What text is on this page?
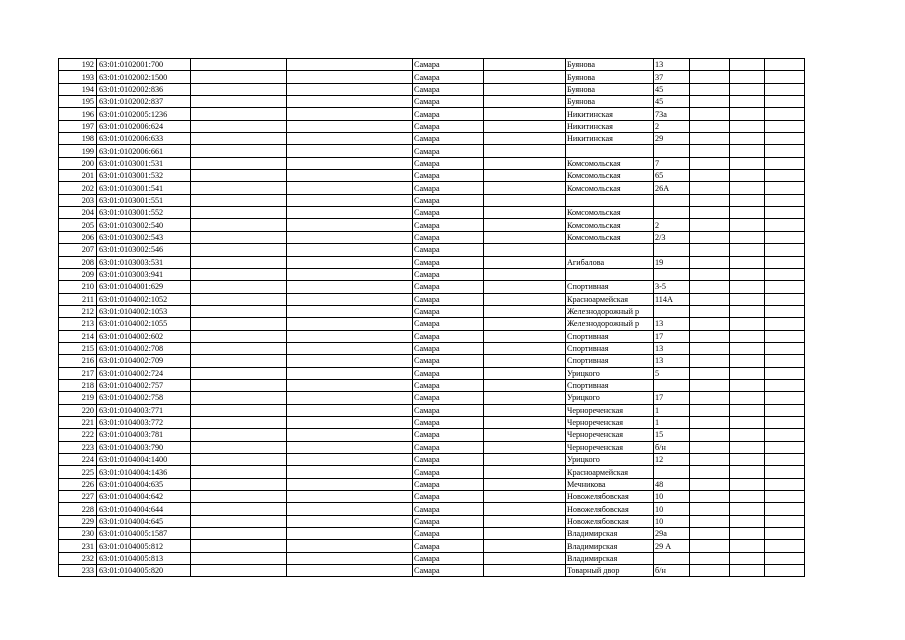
192	63:01:0102001:700			Самара		Буянова	13			
193	63:01:0102002:1500			Самара		Буянова	37			
194	63:01:0102002:836			Самара		Буянова	45			
195	63:01:0102002:837			Самара		Буянова	45			
196	63:01:0102005:1236			Самара		Никитинская	73а			
197	63:01:0102006:624			Самара		Никитинская	2			
198	63:01:0102006:633			Самара		Никитинская	29			
199	63:01:0102006:661			Самара						
200	63:01:0103001:531			Самара		Комсомольская	7			
201	63:01:0103001:532			Самара		Комсомольская	65			
202	63:01:0103001:541			Самара		Комсомольская	26А			
203	63:01:0103001:551			Самара						
204	63:01:0103001:552			Самара		Комсомольская				
205	63:01:0103002:540			Самара		Комсомольская	2			
206	63:01:0103002:543			Самара		Комсомольская	2/3			
207	63:01:0103002:546			Самара						
208	63:01:0103003:531			Самара		Агибалова	19			
209	63:01:0103003:941			Самара						
210	63:01:0104001:629			Самара		Спортивная	3-5			
211	63:01:0104002:1052			Самара		Красноармейская	114А			
212	63:01:0104002:1053			Самара		Железнодорожный р				
213	63:01:0104002:1055			Самара		Железнодорожный р	13			
214	63:01:0104002:602			Самара		Спортивная	17			
215	63:01:0104002:708			Самара		Спортивная	13			
216	63:01:0104002:709			Самара		Спортивная	13			
217	63:01:0104002:724			Самара		Урицкого	5			
218	63:01:0104002:757			Самара		Спортивная				
219	63:01:0104002:758			Самара		Урицкого	17			
220	63:01:0104003:771			Самара		Чернореченская	1			
221	63:01:0104003:772			Самара		Чернореченская	1			
222	63:01:0104003:781			Самара		Чернореченская	15			
223	63:01:0104003:790			Самара		Чернореченская	б/н			
224	63:01:0104004:1400			Самара		Урицкого	12			
225	63:01:0104004:1436			Самара		Красноармейская				
226	63:01:0104004:635			Самара		Мечникова	48			
227	63:01:0104004:642			Самара		Новожелябовская	10			
228	63:01:0104004:644			Самара		Новожелябовская	10			
229	63:01:0104004:645			Самара		Новожелябовская	10			
230	63:01:0104005:1587			Самара		Владимирская	29а			
231	63:01:0104005:812			Самара		Владимирская	29 А			
232	63:01:0104005:813			Самара		Владимирская				
233	63:01:0104005:820			Самара		Товарный двор	б/н			
